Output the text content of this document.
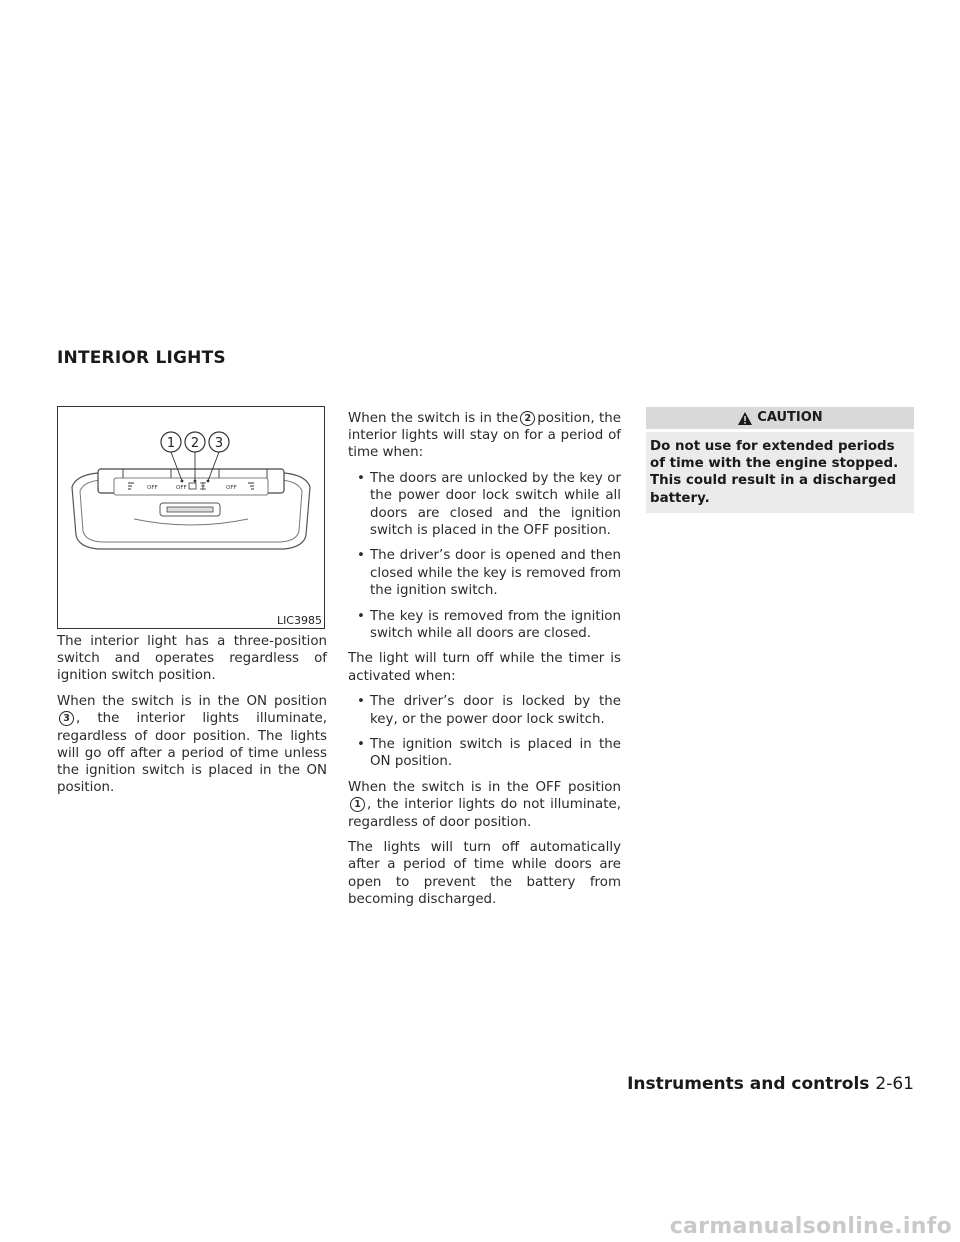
INTERIOR LIGHTS
OFF	OFF	OFF
1 2 3
LIC3985

The interior light has a three-position switch and operates regardless of ignition switch position.

When the switch is in the ON position3 , the interior lights illuminate, regardless of door position. The lights will go off after a period of time unless the ignition switch is placed in the ON position.

When the switch is in the 2 position, the interior lights will stay on for a period of time when:

• The doors are unlocked by the key or the power door lock switch while all doors are closed and the ignition switch is placed in the OFF position.
• The driver’s door is opened and then closed while the key is removed from the ignition switch.
• The key is removed from the ignition switch while all doors are closed.

The light will turn off while the timer is activated when:

• The driver’s door is locked by the key, or the power door lock switch.
• The ignition switch is placed in the ON position.

When the switch is in the OFF position1 , the interior lights do not illuminate, regardless of door position.

The lights will turn off automatically after a period of time while doors are open to prevent the battery from becoming discharged.

CAUTION
Do not use for extended periods of time with the engine stopped. This could result in a discharged battery.
Instruments and controls 2-61
carmanualsonline.info
